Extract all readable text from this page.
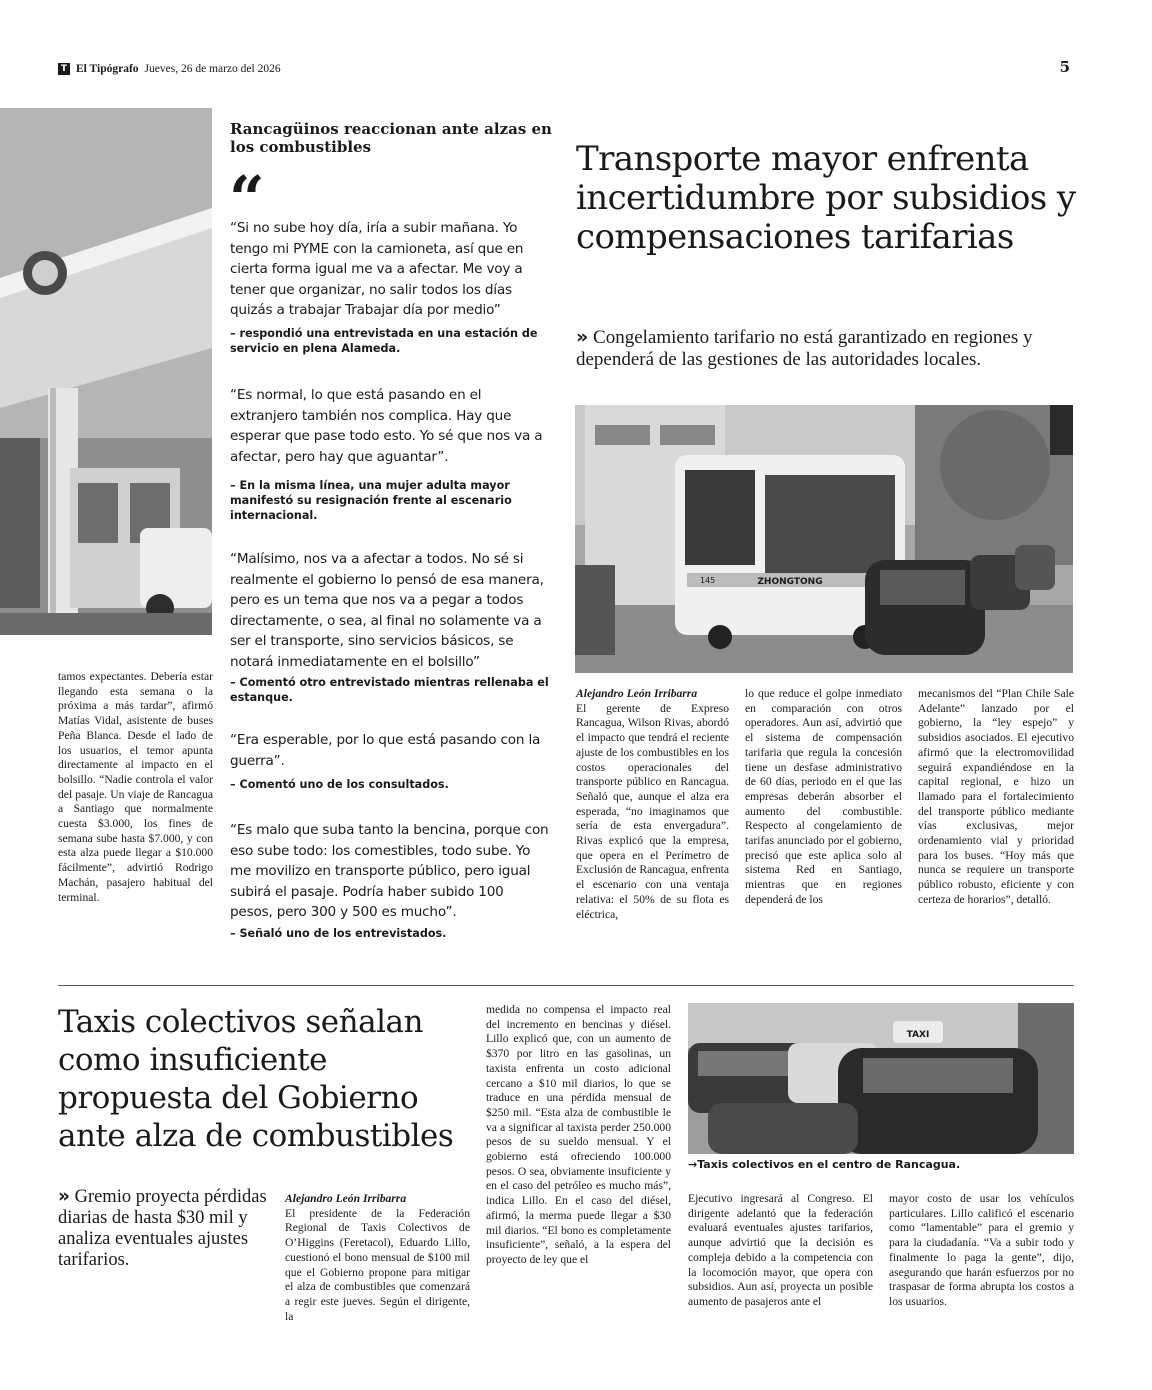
T El Tipógrafo Jueves, 26 de marzo del 2026	5
Rancagüinos reaccionan ante alzas en los combustibles
“
“Si no sube hoy día, iría a subir mañana. Yo tengo mi PYME con la camioneta, así que en cierta forma igual me va a afectar. Me voy a tener que organizar, no salir todos los días quizás a trabajar Trabajar día por medio”
– respondió una entrevistada en una estación de servicio en plena Alameda.
“Es normal, lo que está pasando en el extranjero también nos complica. Hay que esperar que pase todo esto. Yo sé que nos va a afectar, pero hay que aguantar”.
– En la misma línea, una mujer adulta mayor manifestó su resignación frente al escenario internacional.
“Malísimo, nos va a afectar a todos. No sé si realmente el gobierno lo pensó de esa manera, pero es un tema que nos va a pegar a todos directamente, o sea, al final no solamente va a ser el transporte, sino servicios básicos, se notará inmediatamente en el bolsillo”
– Comentó otro entrevistado mientras rellenaba el estanque.
“Era esperable, por lo que está pasando con la guerra”.
– Comentó uno de los consultados.
“Es malo que suba tanto la bencina, porque con eso sube todo: los comestibles, todo sube. Yo me movilizo en transporte público, pero igual subirá el pasaje. Podría haber subido 100 pesos, pero 300 y 500 es mucho”.
– Señaló uno de los entrevistados.
tamos expectantes. Debería estar llegando esta semana o la próxima a más tardar”, afirmó Matías Vidal, asistente de buses Peña Blanca. Desde el lado de los usuarios, el temor apunta directamente al impacto en el bolsillo. “Nadie controla el valor del pasaje. Un viaje de Rancagua a Santiago que normalmente cuesta $3.000, los fines de semana sube hasta $7.000, y con esta alza puede llegar a $10.000 fácilmente”, advirtió Rodrigo Machán, pasajero habitual del terminal.
Transporte mayor enfrenta incertidumbre por subsidios y compensaciones tarifarias
» Congelamiento tarifario no está garantizado en regiones y dependerá de las gestiones de las autoridades locales.
ZHONGTONG
145
Alejandro León Irribarra
El gerente de Expreso Rancagua, Wilson Rivas, abordó el impacto que tendrá el reciente ajuste de los combustibles en los costos operacionales del transporte público en Rancagua. Señaló que, aunque el alza era esperada, “no imaginamos que sería de esta envergadura”. Rivas explicó que la empresa, que opera en el Perímetro de Exclusión de Rancagua, enfrenta el escenario con una ventaja relativa: el 50% de su flota es eléctrica,
lo que reduce el golpe inmediato en comparación con otros operadores. Aun así, advirtió que el sistema de compensación tarifaria que regula la concesión tiene un desfase administrativo de 60 días, periodo en el que las empresas deberán absorber el aumento del combustible. Respecto al congelamiento de tarifas anunciado por el gobierno, precisó que este aplica solo al sistema Red en Santiago, mientras que en regiones dependerá de los
mecanismos del “Plan Chile Sale Adelante” lanzado por el gobierno, la “ley espejo” y subsidios asociados. El ejecutivo afirmó que la electromovilidad seguirá expandiéndose en la capital regional, e hizo un llamado para el fortalecimiento del transporte público mediante vías exclusivas, mejor ordenamiento vial y prioridad para los buses. “Hoy más que nunca se requiere un transporte público robusto, eficiente y con certeza de horarios”, detalló.
Taxis colectivos señalan como insuficiente propuesta del Gobierno ante alza de combustibles
» Gremio proyecta pérdidas diarias de hasta $30 mil y analiza eventuales ajustes tarifarios.
Alejandro León Irribarra
El presidente de la Federación Regional de Taxis Colectivos de O’Higgins (Feretacol), Eduardo Lillo, cuestionó el bono mensual de $100 mil que el Gobierno propone para mitigar el alza de combustibles que comenzará a regir este jueves. Según el dirigente, la
medida no compensa el impacto real del incremento en bencinas y diésel. Lillo explicó que, con un aumento de $370 por litro en las gasolinas, un taxista enfrenta un costo adicional cercano a $10 mil diarios, lo que se traduce en una pérdida mensual de $250 mil. “Esta alza de combustible le va a significar al taxista perder 250.000 pesos de su sueldo mensual. Y el gobierno está ofreciendo 100.000 pesos. O sea, obviamente insuficiente y en el caso del petróleo es mucho más”, indica Lillo. En el caso del diésel, afirmó, la merma puede llegar a $30 mil diarios. “El bono es completamente insuficiente”, señaló, a la espera del proyecto de ley que el
TAXI
→Taxis colectivos en el centro de Rancagua.
Ejecutivo ingresará al Congreso. El dirigente adelantó que la federación evaluará eventuales ajustes tarifarios, aunque advirtió que la decisión es compleja debido a la competencia con la locomoción mayor, que opera con subsidios. Aun así, proyecta un posible aumento de pasajeros ante el
mayor costo de usar los vehículos particulares. Lillo calificó el escenario como “lamentable” para el gremio y para la ciudadanía. “Va a subir todo y finalmente lo paga la gente”, dijo, asegurando que harán esfuerzos por no traspasar de forma abrupta los costos a los usuarios.
